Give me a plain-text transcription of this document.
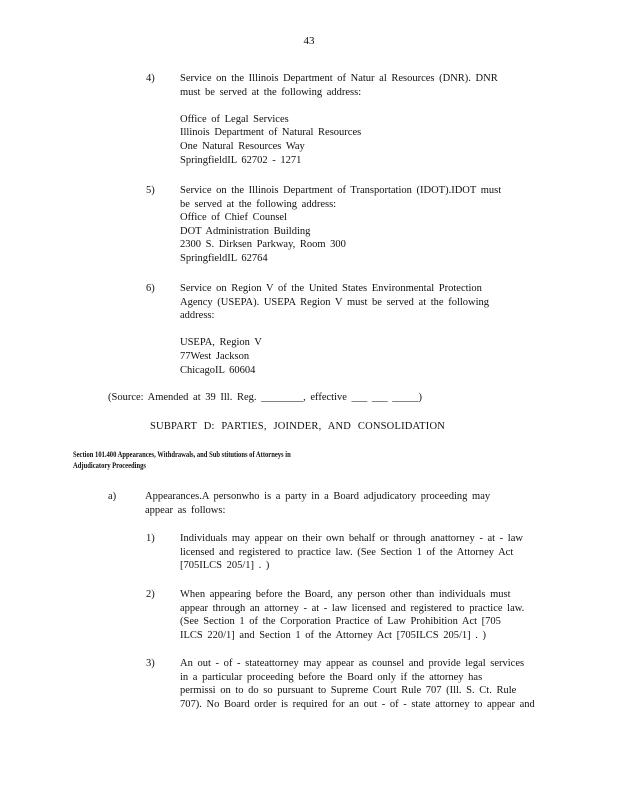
43
4) Service on the Illinois Department of Natur al Resources (DNR). DNR
must be served at the following address:

Office of Legal Services
Illinois Department of Natural Resources
One Natural Resources Way
SpringfieldIL 62702 - 1271
5) Service on the Illinois Department of Transportation (IDOT).IDOT must
be served at the following address:
Office of Chief Counsel
DOT Administration Building
2300 S. Dirksen Parkway, Room 300
SpringfieldIL 62764
6) Service on Region V of the United States Environmental Protection
Agency (USEPA). USEPA Region V must be served at the following
address:

USEPA, Region V
77West Jackson
ChicagoIL 60604
(Source: Amended at 39 Ill. Reg. ________, effective ___ ___ _____)
SUBPART D: PARTIES, JOINDER, AND CONSOLIDATION
Section 101.400 Appearances, Withdrawals, and Sub stitutions of Attorneys in
Adjudicatory Proceedings
a)	Appearances.A personwho is a party in a Board adjudicatory proceeding may
appear as follows:
1) Individuals may appear on their own behalf or through anattorney - at - law
licensed and registered to practice law. (See Section 1 of the Attorney Act
[705ILCS 205/1] . )
2) When appearing before the Board, any person other than individuals must
appear through an attorney - at - law licensed and registered to practice law.
(See Section 1 of the Corporation Practice of Law Prohibition Act [705
ILCS 220/1] and Section 1 of the Attorney Act [705ILCS 205/1] . )
3) An out - of - stateattorney may appear as counsel and provide legal services
in a particular proceeding before the Board only if the attorney has
permissi on to do so pursuant to Supreme Court Rule 707 (Ill. S. Ct. Rule
707). No Board order is required for an out - of - state attorney to appear and
